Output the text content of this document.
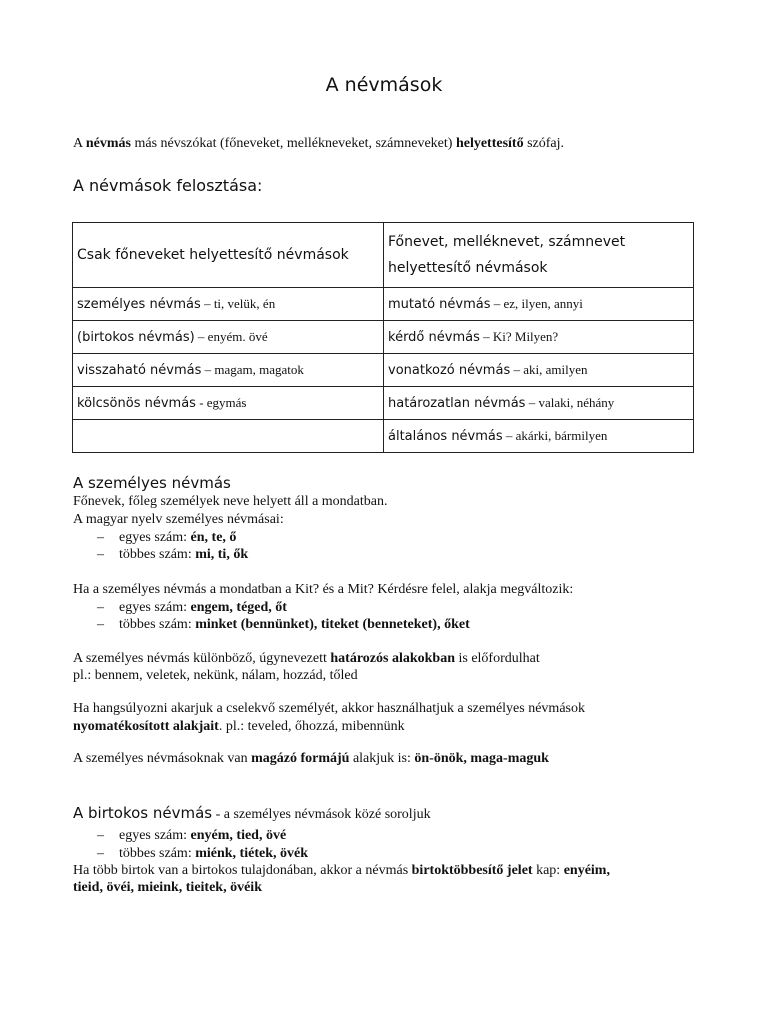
A névmások
A névmás más névszókat (főneveket, mellékneveket, számneveket) helyettesítő szófaj.
A névmások felosztása:
Csak főneveket helyettesítő névmások	Főnevet, melléknevet, számnevet helyettesítő névmások
személyes névmás – ti, velük, én	mutató névmás – ez, ilyen, annyi
(birtokos névmás) – enyém. övé	kérdő névmás – Ki? Milyen?
visszaható névmás – magam, magatok	vonatkozó névmás – aki, amilyen
kölcsönös névmás - egymás	határozatlan névmás – valaki, néhány
	általános névmás – akárki, bármilyen
A személyes névmás
Főnevek, főleg személyek neve helyett áll a mondatban.
A magyar nyelv személyes névmásai:
– egyes szám: én, te, ő
– többes szám: mi, ti, ők
Ha a személyes névmás a mondatban a Kit? és a Mit? Kérdésre felel, alakja megváltozik:
– egyes szám: engem, téged, őt
– többes szám: minket (bennünket), titeket (benneteket), őket
A személyes névmás különböző, úgynevezett határozós alakokban is előfordulhat
pl.: bennem, veletek, nekünk, nálam, hozzád, tőled
Ha hangsúlyozni akarjuk a cselekvő személyét, akkor használhatjuk a személyes névmások
nyomatékosított alakjait. pl.: teveled, őhozzá, mibennünk
A személyes névmásoknak van magázó formájú alakjuk is: ön-önök, maga-maguk
A birtokos névmás - a személyes névmások közé soroljuk
– egyes szám: enyém, tied, övé
– többes szám: miénk, tiétek, övék
Ha több birtok van a birtokos tulajdonában, akkor a névmás birtoktöbbesítő jelet kap: enyéim,
tieid, övéi, mieink, tieitek, övéik
